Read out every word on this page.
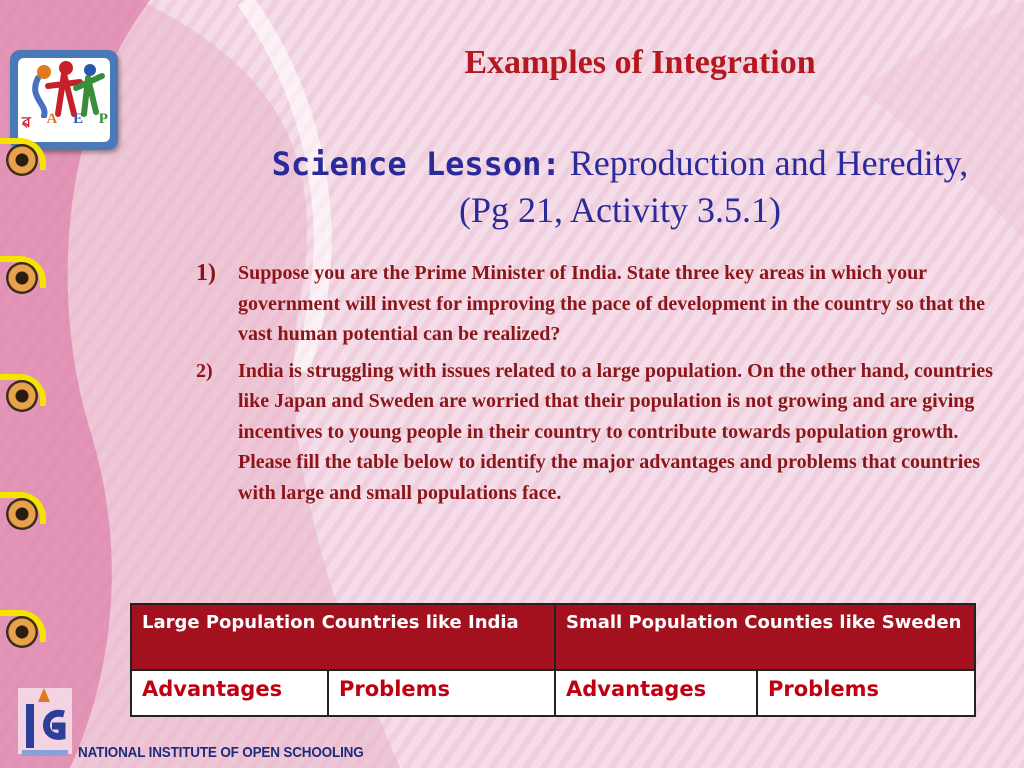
ৱ A E P
Examples of Integration
Science Lesson: Reproduction and Heredity, (Pg 21, Activity 3.5.1)
1) Suppose you are the Prime Minister of India. State three key areas in which your government will invest for improving the pace of development in the country so that the vast human potential can be realized?
2) India is struggling with issues related to a large population. On the other hand, countries like Japan and Sweden are worried that their population is not growing and are giving incentives to young people in their country to contribute towards population growth. Please fill the table below to identify the major advantages and problems that countries with large and small populations face.
Large Population Countries like India		Small Population Counties like Sweden	
Advantages	Problems	Advantages	Problems
NATIONAL INSTITUTE OF OPEN SCHOOLING
